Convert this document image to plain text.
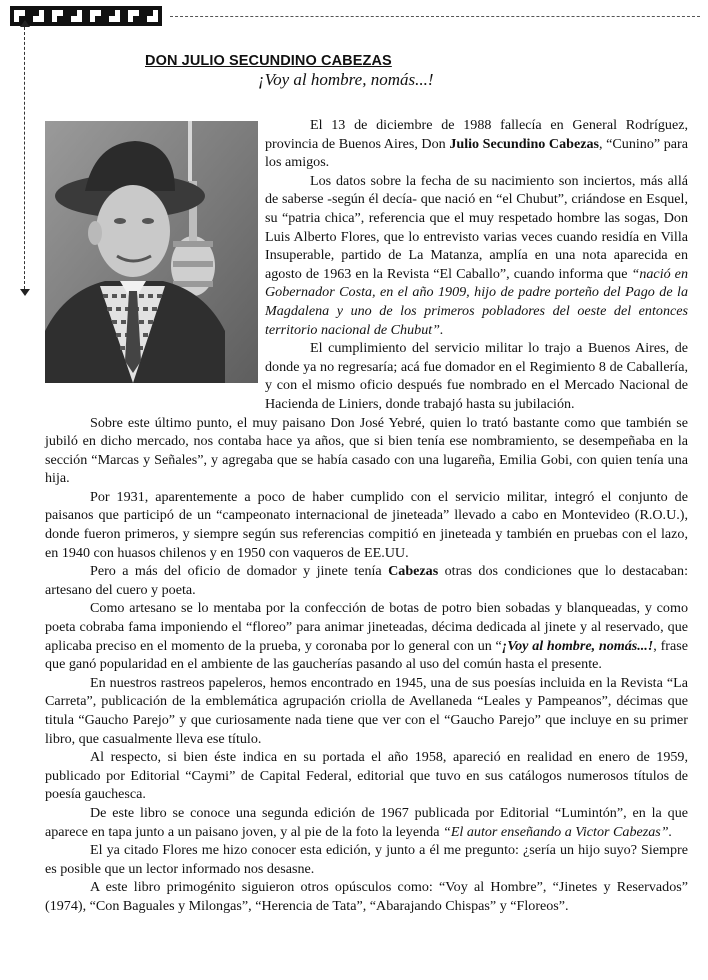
DON JULIO SECUNDINO CABEZAS
¡Voy al hombre, nomás...!

El 13 de diciembre de 1988 fallecía en General Rodríguez, provincia de Buenos Aires, Don Julio Secundino Cabezas, “Cunino” para los amigos.

Los datos sobre la fecha de su nacimiento son inciertos, más allá de saberse -según él decía- que nació en “el Chubut”, criándose en Esquel, su “patria chica”, referencia que el muy respetado hombre las sogas, Don Luis Alberto Flores, que lo entrevisto varias veces cuando residía en Villa Insuperable, partido de La Matanza, amplía en una nota aparecida en agosto de 1963 en la Revista “El Caballo”, cuando informa que “nació en Gobernador Costa, en el año 1909, hijo de padre porteño del Pago de la Magdalena y uno de los primeros pobladores del oeste del entonces territorio nacional de Chubut”.

El cumplimiento del servicio militar lo trajo a Buenos Aires, de donde ya no regresaría; acá fue domador en el Regimiento 8 de Caballería, y con el mismo oficio después fue nombrado en el Mercado Nacional de Hacienda de Liniers, donde trabajó hasta su jubilación.

Sobre este último punto, el muy paisano Don José Yebré, quien lo trató bastante como que también se jubiló en dicho mercado, nos contaba hace ya años, que si bien tenía ese nombramiento, se desempeñaba en la sección “Marcas y Señales”, y agregaba que se había casado con una lugareña, Emilia Gobi, con quien tenía una hija.

Por 1931, aparentemente a poco de haber cumplido con el servicio militar, integró el conjunto de paisanos que participó de un “campeonato internacional de jineteada” llevado a cabo en Montevideo (R.O.U.), donde fueron primeros, y siempre según sus referencias compitió en jineteada y también en pruebas con el lazo, en 1940 con huasos chilenos y en 1950 con vaqueros de EE.UU.

Pero a más del oficio de domador y jinete tenía Cabezas otras dos condiciones que lo destacaban: artesano del cuero y poeta.

Como artesano se lo mentaba por la confección de botas de potro bien sobadas y blanqueadas, y como poeta cobraba fama imponiendo el “floreo” para animar jineteadas, décima dedicada al jinete y al reservado, que aplicaba preciso en el momento de la prueba, y coronaba por lo general con un “¡Voy al hombre, nomás...!, frase que ganó popularidad en el ambiente de las gaucherías pasando al uso del común hasta el presente.

En nuestros rastreos papeleros, hemos encontrado en 1945, una de sus poesías incluida en la Revista “La Carreta”, publicación de la emblemática agrupación criolla de Avellaneda “Leales y Pampeanos”, décimas que titula “Gaucho Parejo” y que curiosamente nada tiene que ver con el “Gaucho Parejo” que incluye en su primer libro, que casualmente lleva ese título.

Al respecto, si bien éste indica en su portada el año 1958, apareció en realidad en enero de 1959, publicado por Editorial “Caymi” de Capital Federal, editorial que tuvo en sus catálogos numerosos títulos de poesía gauchesca.

De este libro se conoce una segunda edición de 1967 publicada por Editorial “Lumintón”, en la que aparece en tapa junto a un paisano joven, y al pie de la foto la leyenda “El autor enseñando a Victor Cabezas”.

El ya citado Flores me hizo conocer esta edición, y junto a él me pregunto: ¿sería un hijo suyo? Siempre es posible que un lector informado nos desasne.

A este libro primogénito siguieron otros opúsculos como: “Voy al Hombre”, “Jinetes y Reservados” (1974), “Con Baguales y Milongas”, “Herencia de Tata”, “Abarajando Chispas” y “Floreos”.
